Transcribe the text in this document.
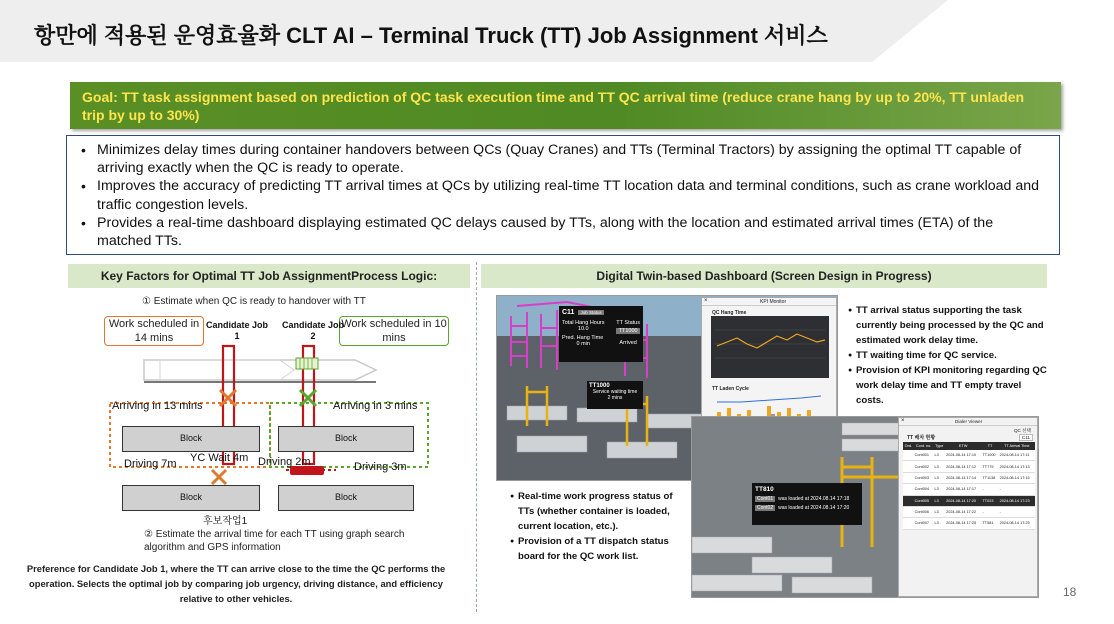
항만에 적용된 운영효율화 CLT AI – Terminal Truck (TT) Job Assignment 서비스
Goal: TT task assignment based on prediction of QC task execution time and TT QC arrival time (reduce crane hang by up to 20%, TT unladen trip by up to 30%)
• Minimizes delay times during container handovers between QCs (Quay Cranes) and TTs (Terminal Tractors) by assigning the optimal TT capable of arriving exactly when the QC is ready to operate.
• Improves the accuracy of predicting TT arrival times at QCs by utilizing real-time TT location data and terminal conditions, such as crane workload and traffic congestion levels.
• Provides a real-time dashboard displaying estimated QC delays caused by TTs, along with the location and estimated arrival times (ETA) of the matched TTs.
Key Factors for Optimal TT Job AssignmentProcess Logic:
① Estimate when QC is ready to handover with TT
Work scheduled in 14 mins
Work scheduled in 10 mins
Candidate Job 1
Candidate Job 2
Arriving in 13 mins	Arriving in 3 mins
Block	Block
Driving 7m YC Wait 4m Driving 2m	Driving 3m
Block	Block
후보작업1
② Estimate the arrival time for each TT using graph search algorithm and GPS information
Preference for Candidate Job 1, where the TT can arrive close to the time the QC performs the operation. Selects the optimal job by comparing job urgency, driving distance, and efficiency relative to other vehicles.
Digital Twin-based Dashboard (Screen Design in Progress)
C11	Job Status
Total Hang Hours
10.0
Pred. Hang Time
0 min
TT Status
TT1000
Arrived
TT1000
Service waiting time
2 mins
×	KPI Monitor
QC Hang Time
TT Laden Cycle
TT810
Cont01	was loaded at 2024.08.14 17:18
Cont02	was loaded at 2024.08.14 17:20
×	Dialer Viewer
QC 선택
C11
TT 배차 현황
Ord.	Cont. no.	Type	ETW	TT	TT Arrival Time
	Cont001	L3	2024-08-14 17:10	TT1000	2024-08-14 17:11
	Cont002	L3	2024-08-14 17:12	TT779	2024-08-14 17:13
	Cont003	L3	2024-08-14 17:14	TT1138	2024-08-14 17:15
	Cont004	L3	2024-08-14 17:17	-	-
	Cont005	L3	2024-08-14 17:20	TT023	2024-08-14 17:23
	Cont006	L3	2024-08-14 17:22	-	-
	Cont007	L3	2024-08-14 17:25	TT581	2024-08-14 17:25
● TT arrival status supporting the task currently being processed by the QC and estimated work delay time.
● TT waiting time for QC service.
● Provision of KPI monitoring regarding QC work delay time and TT empty travel costs.
● Real-time work progress status of TTs (whether container is loaded, current location, etc.).
● Provision of a TT dispatch status board for the QC work list.
18
